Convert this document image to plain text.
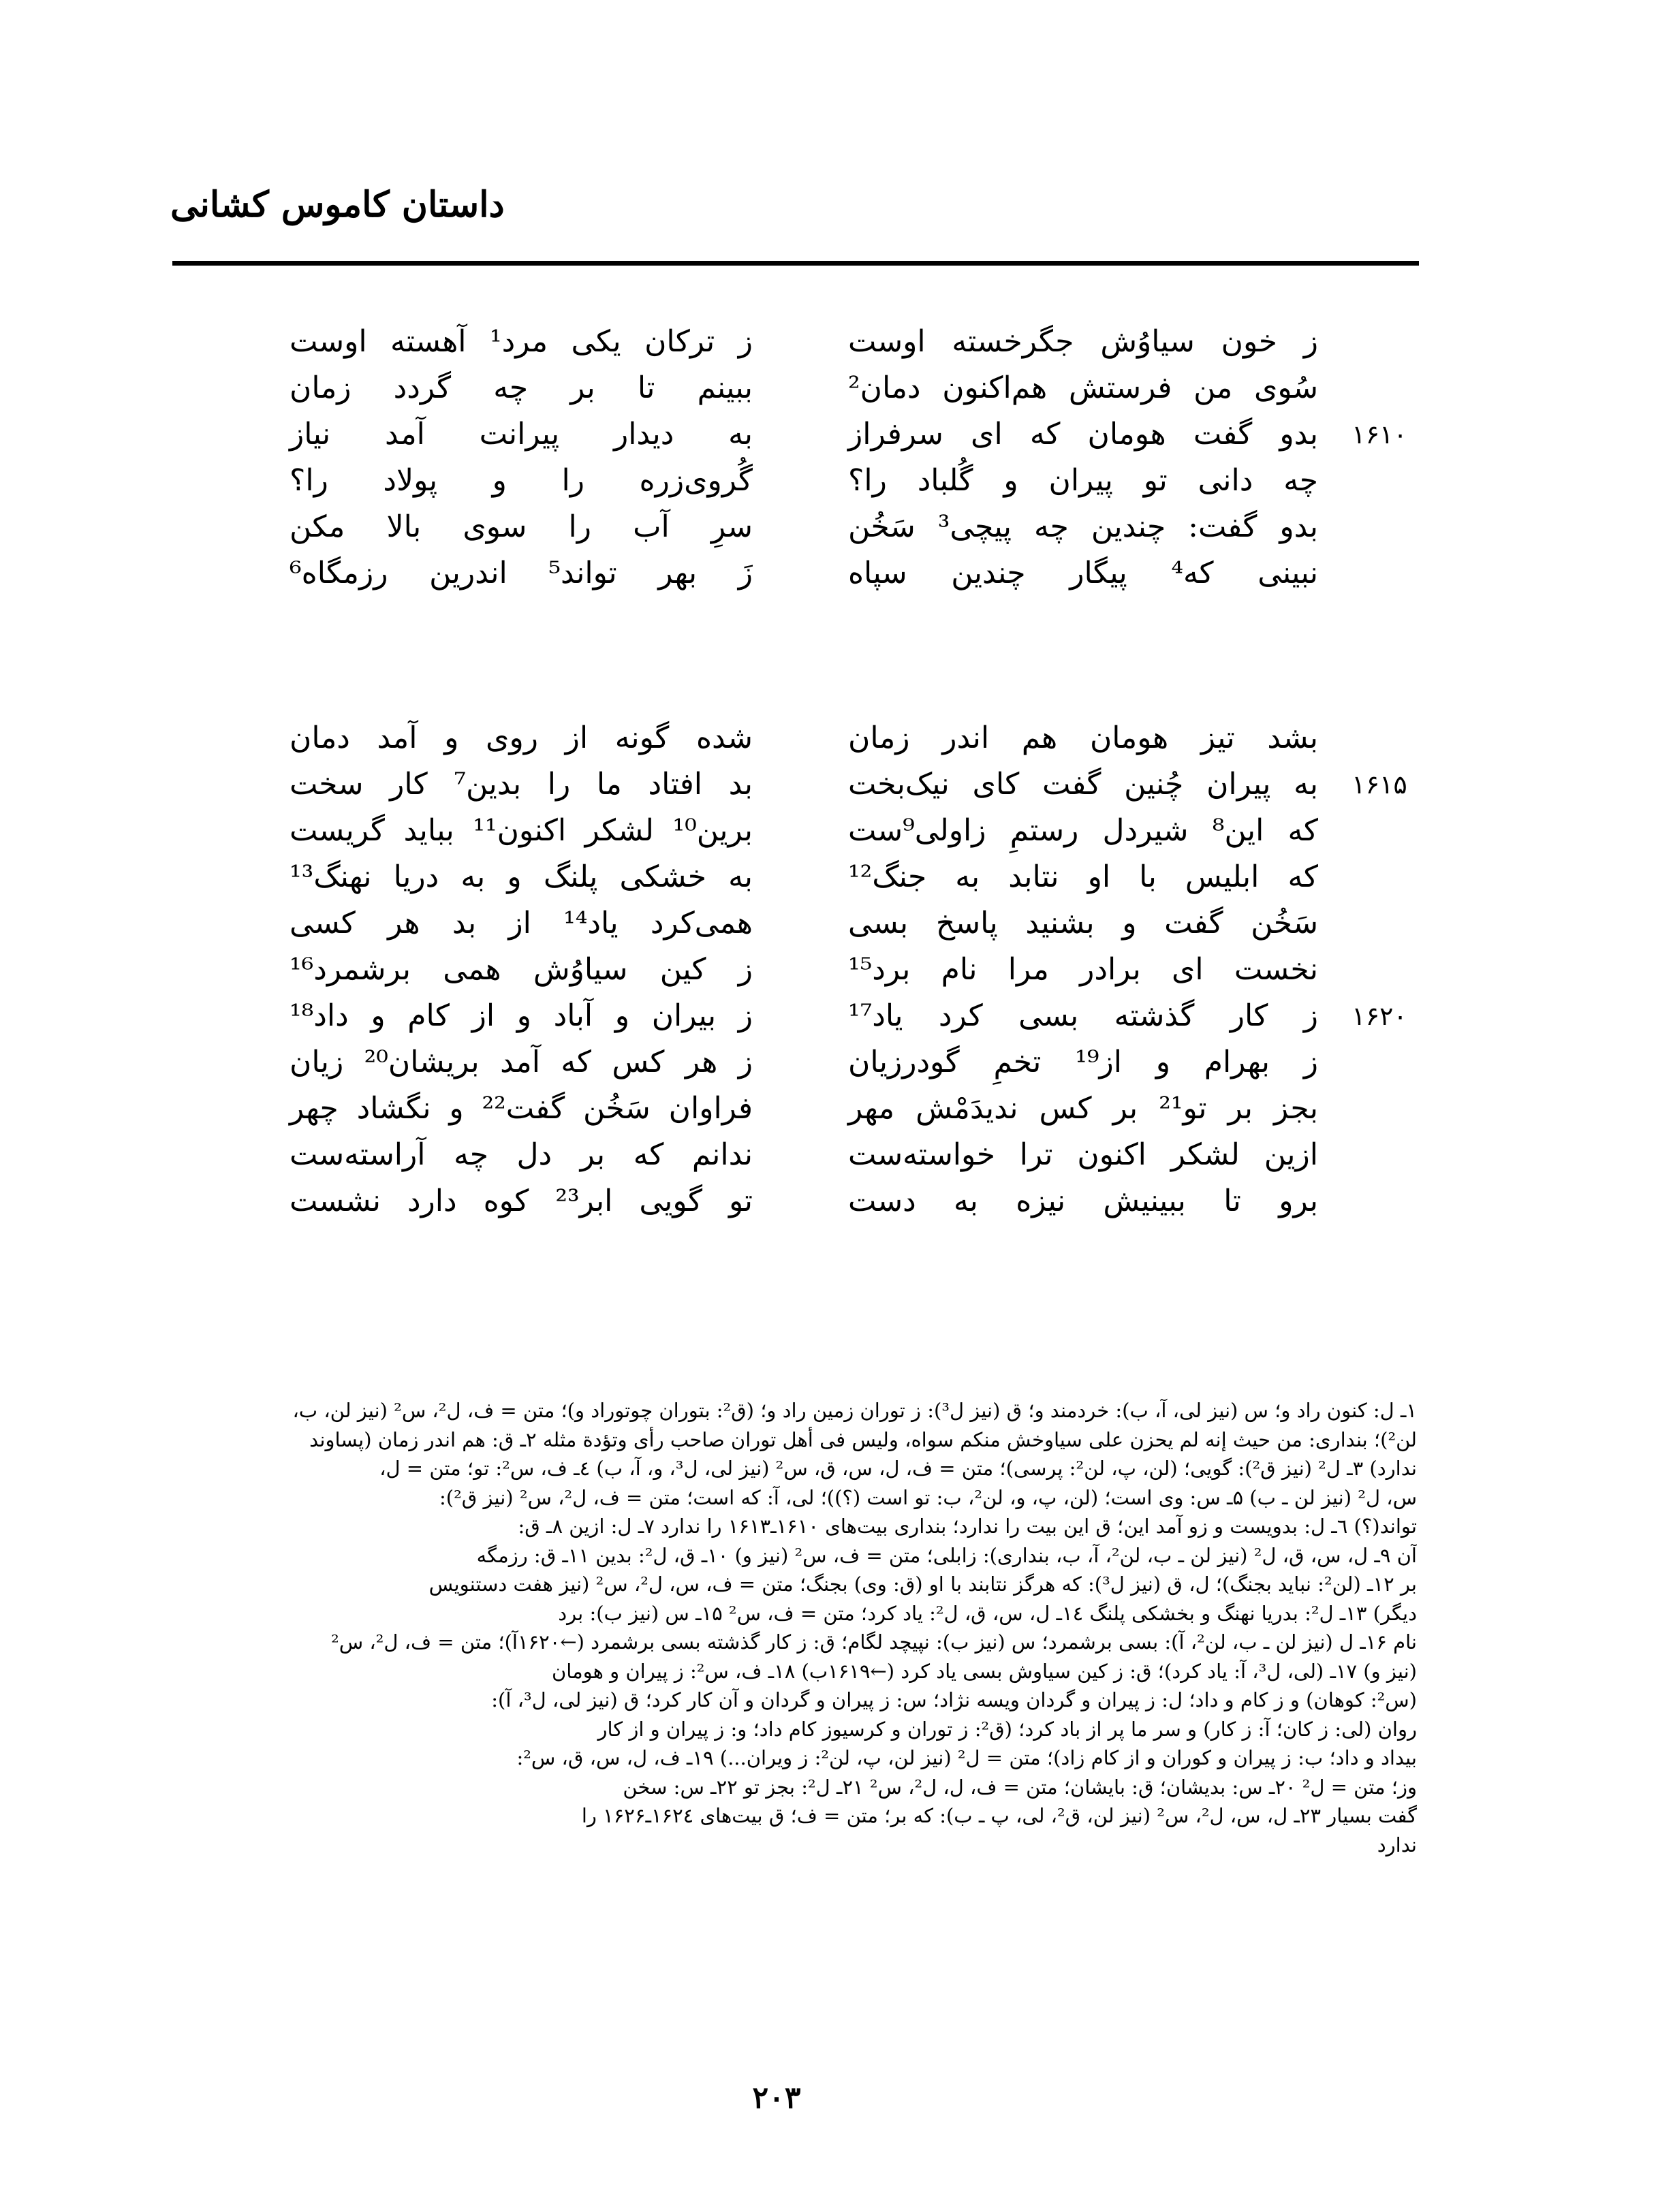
داستان کاموس کشانی
ز خون سیاوُش جگرخسته اوست
ز ترکان یکی مرد¹ آهسته اوست
سُوی من فرستش هم‌اکنون دمان²
ببینم تا بر چه گردد زمان
۱۶۱۰
بدو گفت هومان که ای سرفراز
به دیدار پیرانت آمد نیاز
چه دانی تو پیران و گُلباد را؟
گُروی‌زره را و پولاد را؟
بدو گفت: چندین چه پیچی³ سَخُن
سرِ آب را سوی بالا مکن
نبینی که⁴ پیگار چندین سپاه
زَ بهر تواند⁵ اندرین رزمگاه⁶
بشد تیز هومان هم اندر زمان
شده گونه از روی و آمد دمان
۱۶۱۵
به پیران چُنین گفت کای نیک‌بخت
بد افتاد ما را بدین⁷ کار سخت
که این⁸ شیردل رستمِ زاولی⁹ست
برین¹⁰ لشکر اکنون¹¹ بباید گریست
که ابلیس با او نتابد به جنگ¹²
به خشکی پلنگ و به دریا نهنگ¹³
سَخُن گفت و بشنید پاسخ بسی
همی‌کرد یاد¹⁴ از بد هر کسی
نخست ای برادر مرا نام برد¹⁵
ز کین سیاوُش همی برشمرد¹⁶
۱۶۲۰
ز کار گذشته بسی کرد یاد¹⁷
ز بیران و آباد و از کام و داد¹⁸
ز بهرام و از¹⁹ تخمِ گودرزیان
ز هر کس که آمد بریشان²⁰ زیان
بجز بر تو²¹ بر کس ندیدَمْش مهر
فراوان سَخُن گفت²² و نگشاد چهر
ازین لشکر اکنون ترا خواسته‌ست
ندانم که بر دل چه آراسته‌ست
برو تا ببینیش نیزه به دست
تو گویی ابر²³ کوه دارد نشست
۱ـ ل: کنون راد و؛ س (نیز لی، آ، ب): خردمند و؛ ق (نیز ل³): ز توران زمین راد و؛ (ق²: بتوران چوتوراد و)؛ متن = ف، ل²، س² (نیز لن، ب،
لن²)؛ بنداری: من حیث إنه لم یحزن علی سیاوخش منکم سواه، ولیس فی أهل توران صاحب رأی وتؤدة مثله ۲ـ ق: هم اندر زمان (پساوند
ندارد) ۳ـ ل² (نیز ق²): گویی؛ (لن، پ، لن²: پرسی)؛ متن = ف، ل، س، ق، س² (نیز لی، ل³، و، آ، ب) ٤ـ ف، س²: تو؛ متن = ل،
س، ل² (نیز لن ـ ب) ۵ـ س: وی است؛ (لن، پ، و، لن²، ب: تو است (؟))؛ لی، آ: که است؛ متن = ف، ل²، س² (نیز ق²):
تواند(؟) ٦ـ ل: بدویست و زو آمد این؛ ق این بیت را ندارد؛ بنداری بیت‌های ۱۶۱۰ـ۱۶۱۳ را ندارد ۷ـ ل: ازین ۸ـ ق:
آن ۹ـ ل، س، ق، ل² (نیز لن ـ ب، لن²، آ، ب، بنداری): زابلی؛ متن = ف، س² (نیز و) ۱۰ـ ق، ل²: بدین ۱۱ـ ق: رزمگه
بر ۱۲ـ (لن²: نباید بجنگ)؛ ل، ق (نیز ل³): که هرگز نتابند با او (ق: وی) بجنگ؛ متن = ف، س، ل²، س² (نیز هفت دستنویس
دیگر) ۱۳ـ ل²: بدریا نهنگ و بخشکی پلنگ ۱٤ـ ل، س، ق، ل²: یاد کرد؛ متن = ف، س² ۱۵ـ س (نیز ب): برد
نام ۱۶ـ ل (نیز لن ـ ب، لن²، آ): بسی برشمرد؛ س (نیز ب): نپیچد لگام؛ ق: ز کار گذشته بسی برشمرد (←۱۶۲۰آ)؛ متن = ف، ل²، س²
(نیز و) ۱۷ـ (لی، ل³، آ: یاد کرد)؛ ق: ز کین سیاوش بسی یاد کرد (←۱۶۱۹ب) ۱۸ـ ف، س²: ز پیران و هومان
(س²: کوهان) و ز کام و داد؛ ل: ز پیران و گردان ویسه نژاد؛ س: ز پیران و گردان و آن کار کرد؛ ق (نیز لی، ل³، آ):
روان (لی: ز کان؛ آ: ز کار) و سر ما پر از باد کرد؛ (ق²: ز توران و کرسیوز کام داد؛ و: ز پیران و از کار
بیداد و داد؛ ب: ز پیران و کوران و از کام زاد)؛ متن = ل² (نیز لن، پ، لن²: ز ویران...) ۱۹ـ ف، ل، س، ق، س²:
وز؛ متن = ل² ۲۰ـ س: بدیشان؛ ق: بایشان؛ متن = ف، ل، ل²، س² ۲۱ـ ل²: بجز تو ۲۲ـ س: سخن
گفت بسیار ۲۳ـ ل، س، ل²، س² (نیز لن، ق²، لی، پ ـ ب): که بر؛ متن = ف؛ ق بیت‌های ۱۶۲٤ـ۱۶۲۶ را
ندارد
۲۰۳
